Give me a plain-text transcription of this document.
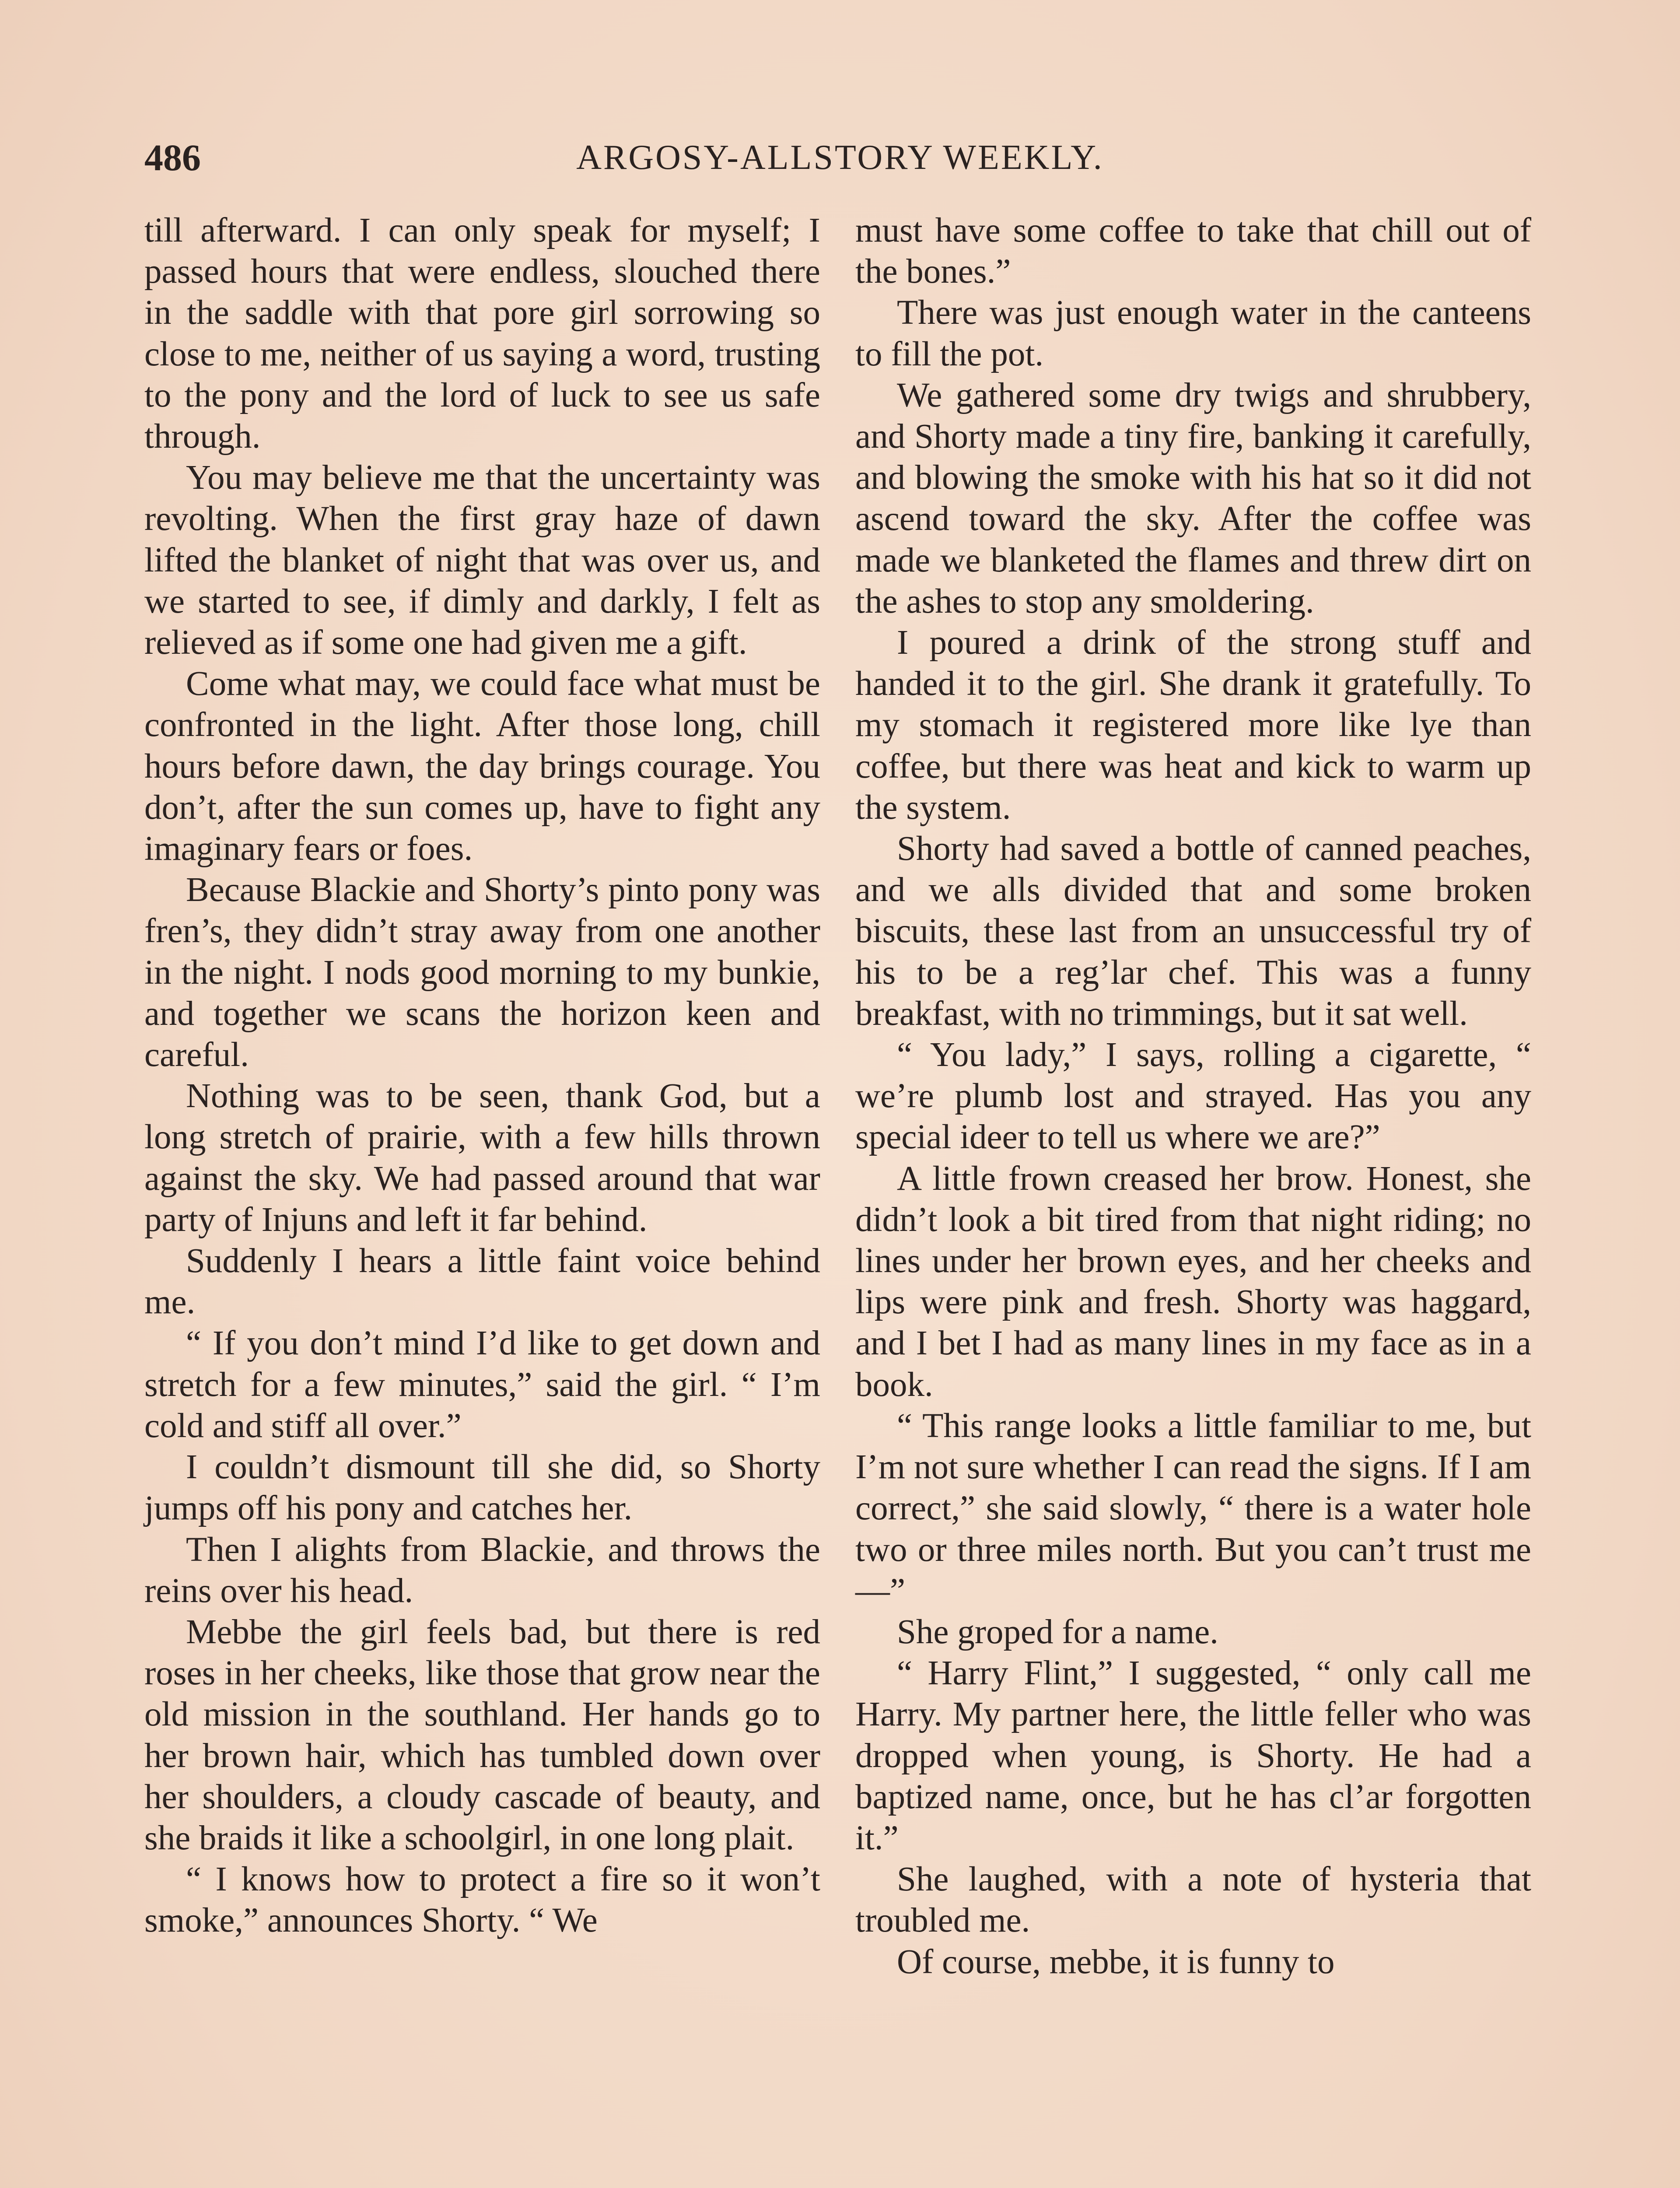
486	ARGOSY-ALLSTORY WEEKLY.

till afterward. I can only speak for myself; I passed hours that were endless, slouched there in the saddle with that pore girl sorrowing so close to me, neither of us saying a word, trusting to the pony and the lord of luck to see us safe through.

You may believe me that the uncertainty was revolting. When the first gray haze of dawn lifted the blanket of night that was over us, and we started to see, if dimly and darkly, I felt as relieved as if some one had given me a gift.

Come what may, we could face what must be confronted in the light. After those long, chill hours before dawn, the day brings courage. You don’t, after the sun comes up, have to fight any imaginary fears or foes.

Because Blackie and Shorty’s pinto pony was fren’s, they didn’t stray away from one another in the night. I nods good morning to my bunkie, and together we scans the horizon keen and careful.

Nothing was to be seen, thank God, but a long stretch of prairie, with a few hills thrown against the sky. We had passed around that war party of Injuns and left it far behind.

Suddenly I hears a little faint voice behind me.

“ If you don’t mind I’d like to get down and stretch for a few minutes,” said the girl. “ I’m cold and stiff all over.”

I couldn’t dismount till she did, so Shorty jumps off his pony and catches her.

Then I alights from Blackie, and throws the reins over his head.

Mebbe the girl feels bad, but there is red roses in her cheeks, like those that grow near the old mission in the southland. Her hands go to her brown hair, which has tumbled down over her shoulders, a cloudy cascade of beauty, and she braids it like a schoolgirl, in one long plait.

“ I knows how to protect a fire so it won’t smoke,” announces Shorty. “ We

must have some coffee to take that chill out of the bones.”

There was just enough water in the canteens to fill the pot.

We gathered some dry twigs and shrubbery, and Shorty made a tiny fire, banking it carefully, and blowing the smoke with his hat so it did not ascend toward the sky. After the coffee was made we blanketed the flames and threw dirt on the ashes to stop any smoldering.

I poured a drink of the strong stuff and handed it to the girl. She drank it gratefully. To my stomach it registered more like lye than coffee, but there was heat and kick to warm up the system.

Shorty had saved a bottle of canned peaches, and we alls divided that and some broken biscuits, these last from an unsuccessful try of his to be a reg’lar chef. This was a funny breakfast, with no trimmings, but it sat well.

“ You lady,” I says, rolling a cigarette, “ we’re plumb lost and strayed. Has you any special ideer to tell us where we are?”

A little frown creased her brow. Honest, she didn’t look a bit tired from that night riding; no lines under her brown eyes, and her cheeks and lips were pink and fresh. Shorty was haggard, and I bet I had as many lines in my face as in a book.

“ This range looks a little familiar to me, but I’m not sure whether I can read the signs. If I am correct,” she said slowly, “ there is a water hole two or three miles north. But you can’t trust me—”

She groped for a name.

“ Harry Flint,” I suggested, “ only call me Harry. My partner here, the little feller who was dropped when young, is Shorty. He had a baptized name, once, but he has cl’ar forgotten it.”

She laughed, with a note of hysteria that troubled me.

Of course, mebbe, it is funny to
